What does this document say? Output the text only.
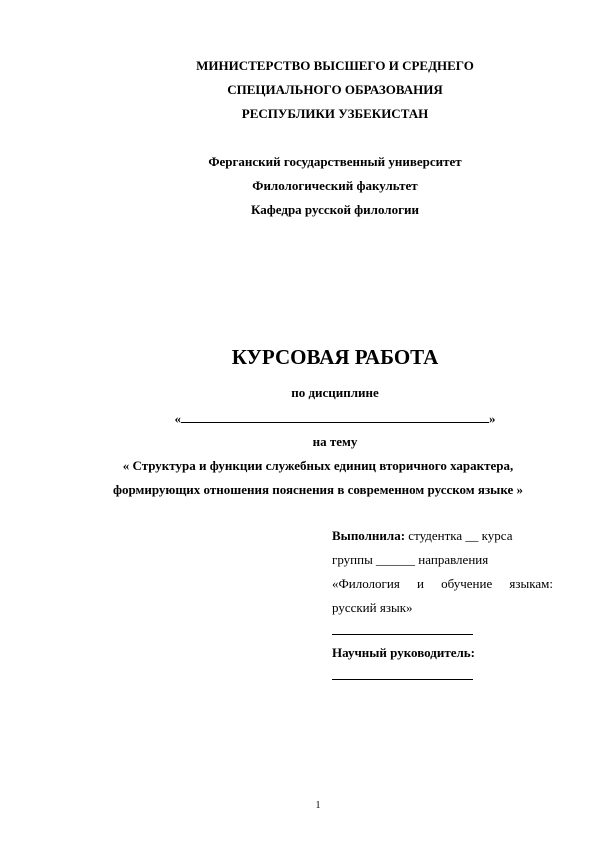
МИНИСТЕРСТВО ВЫСШЕГО И СРЕДНЕГО
СПЕЦИАЛЬНОГО ОБРАЗОВАНИЯ
РЕСПУБЛИКИ УЗБЕКИСТАН
Ферганский государственный университет
Филологический факультет
Кафедра русской филологии
КУРСОВАЯ РАБОТА
по дисциплине
«	»
на тему
« Структура и функции служебных единиц вторичного характера,
формирующих отношения пояснения в современном русском языке »
Выполнила: студентка __ курса
группы ______ направления
«Филология и обучение языкам:
русский язык»
Научный руководитель:
1
